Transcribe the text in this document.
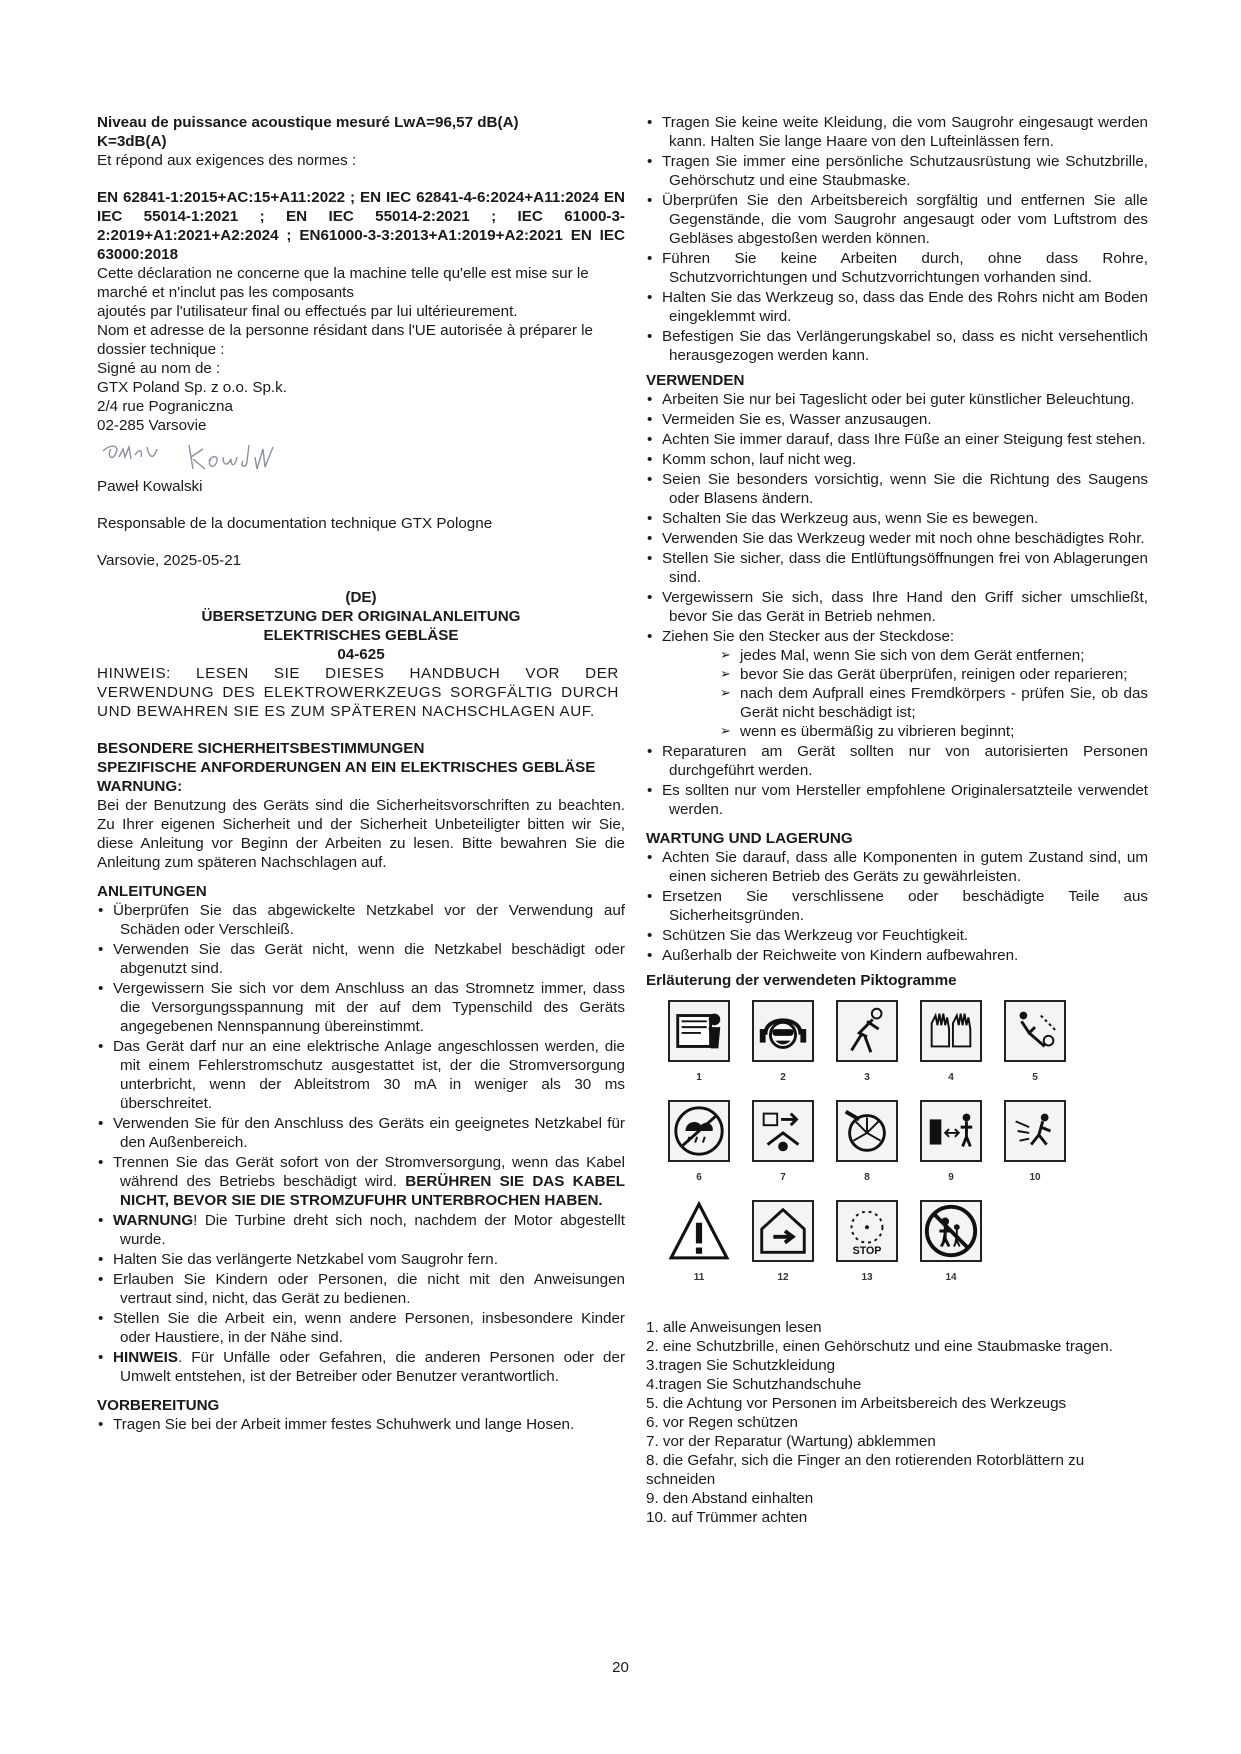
Niveau de puissance acoustique mesuré LwA=96,57 dB(A)

K=3dB(A)

Et répond aux exigences des normes :

EN 62841-1:2015+AC:15+A11:2022 ; EN IEC 62841-4-6:2024+A11:2024 EN IEC 55014-1:2021 ; EN IEC 55014-2:2021 ; IEC 61000-3-2:2019+A1:2021+A2:2024 ; EN61000-3-3:2013+A1:2019+A2:2021 EN IEC 63000:2018

Cette déclaration ne concerne que la machine telle qu'elle est mise sur le marché et n'inclut pas les composants

ajoutés par l'utilisateur final ou effectués par lui ultérieurement.

Nom et adresse de la personne résidant dans l'UE autorisée à préparer le dossier technique :

Signé au nom de :

GTX Poland Sp. z o.o. Sp.k.

2/4 rue Pograniczna

02-285 Varsovie

Paweł Kowalski

Responsable de la documentation technique GTX Pologne

Varsovie, 2025-05-21

(DE)

ÜBERSETZUNG DER ORIGINALANLEITUNG

ELEKTRISCHES GEBLÄSE

04-625

HINWEIS: LESEN SIE DIESES HANDBUCH VOR DER VERWENDUNG DES ELEKTROWERKZEUGS SORGFÄLTIG DURCH UND BEWAHREN SIE ES ZUM SPÄTEREN NACHSCHLAGEN AUF.

BESONDERE SICHERHEITSBESTIMMUNGEN

SPEZIFISCHE ANFORDERUNGEN AN EIN ELEKTRISCHES GEBLÄSE

WARNUNG:

Bei der Benutzung des Geräts sind die Sicherheitsvorschriften zu beachten. Zu Ihrer eigenen Sicherheit und der Sicherheit Unbeteiligter bitten wir Sie, diese Anleitung vor Beginn der Arbeiten zu lesen. Bitte bewahren Sie die Anleitung zum späteren Nachschlagen auf.

ANLEITUNGEN

• Überprüfen Sie das abgewickelte Netzkabel vor der Verwendung auf Schäden oder Verschleiß.
• Verwenden Sie das Gerät nicht, wenn die Netzkabel beschädigt oder abgenutzt sind.
• Vergewissern Sie sich vor dem Anschluss an das Stromnetz immer, dass die Versorgungsspannung mit der auf dem Typenschild des Geräts angegebenen Nennspannung übereinstimmt.
• Das Gerät darf nur an eine elektrische Anlage angeschlossen werden, die mit einem Fehlerstromschutz ausgestattet ist, der die Stromversorgung unterbricht, wenn der Ableitstrom 30 mA in weniger als 30 ms überschreitet.
• Verwenden Sie für den Anschluss des Geräts ein geeignetes Netzkabel für den Außenbereich.
• Trennen Sie das Gerät sofort von der Stromversorgung, wenn das Kabel während des Betriebs beschädigt wird. BERÜHREN SIE DAS KABEL NICHT, BEVOR SIE DIE STROMZUFUHR UNTERBROCHEN HABEN.
• WARNUNG! Die Turbine dreht sich noch, nachdem der Motor abgestellt wurde.
• Halten Sie das verlängerte Netzkabel vom Saugrohr fern.
• Erlauben Sie Kindern oder Personen, die nicht mit den Anweisungen vertraut sind, nicht, das Gerät zu bedienen.
• Stellen Sie die Arbeit ein, wenn andere Personen, insbesondere Kinder oder Haustiere, in der Nähe sind.
• HINWEIS. Für Unfälle oder Gefahren, die anderen Personen oder der Umwelt entstehen, ist der Betreiber oder Benutzer verantwortlich.

VORBEREITUNG

• Tragen Sie bei der Arbeit immer festes Schuhwerk und lange Hosen.
• Tragen Sie keine weite Kleidung, die vom Saugrohr eingesaugt werden kann. Halten Sie lange Haare von den Lufteinlässen fern.
• Tragen Sie immer eine persönliche Schutzausrüstung wie Schutzbrille, Gehörschutz und eine Staubmaske.
• Überprüfen Sie den Arbeitsbereich sorgfältig und entfernen Sie alle Gegenstände, die vom Saugrohr angesaugt oder vom Luftstrom des Gebläses abgestoßen werden können.
• Führen Sie keine Arbeiten durch, ohne dass Rohre, Schutzvorrichtungen und Schutzvorrichtungen vorhanden sind.
• Halten Sie das Werkzeug so, dass das Ende des Rohrs nicht am Boden eingeklemmt wird.
• Befestigen Sie das Verlängerungskabel so, dass es nicht versehentlich herausgezogen werden kann.

VERWENDEN

• Arbeiten Sie nur bei Tageslicht oder bei guter künstlicher Beleuchtung.
• Vermeiden Sie es, Wasser anzusaugen.
• Achten Sie immer darauf, dass Ihre Füße an einer Steigung fest stehen.
• Komm schon, lauf nicht weg.
• Seien Sie besonders vorsichtig, wenn Sie die Richtung des Saugens oder Blasens ändern.
• Schalten Sie das Werkzeug aus, wenn Sie es bewegen.
• Verwenden Sie das Werkzeug weder mit noch ohne beschädigtes Rohr.
• Stellen Sie sicher, dass die Entlüftungsöffnungen frei von Ablagerungen sind.
• Vergewissern Sie sich, dass Ihre Hand den Griff sicher umschließt, bevor Sie das Gerät in Betrieb nehmen.
• Ziehen Sie den Stecker aus der Steckdose:
➢ jedes Mal, wenn Sie sich von dem Gerät entfernen;
➢ bevor Sie das Gerät überprüfen, reinigen oder reparieren;
➢ nach dem Aufprall eines Fremdkörpers - prüfen Sie, ob das Gerät nicht beschädigt ist;
➢ wenn es übermäßig zu vibrieren beginnt;
• Reparaturen am Gerät sollten nur von autorisierten Personen durchgeführt werden.
• Es sollten nur vom Hersteller empfohlene Originalersatzteile verwendet werden.

WARTUNG UND LAGERUNG

• Achten Sie darauf, dass alle Komponenten in gutem Zustand sind, um einen sicheren Betrieb des Geräts zu gewährleisten.
• Ersetzen Sie verschlissene oder beschädigte Teile aus Sicherheitsgründen.
• Schützen Sie das Werkzeug vor Feuchtigkeit.
• Außerhalb der Reichweite von Kindern aufbewahren.

Erläuterung der verwendeten Piktogramme

1	2	3	4	5
6	7	8	9	10
STOP
11	12	13	14

1. alle Anweisungen lesen

2. eine Schutzbrille, einen Gehörschutz und eine Staubmaske tragen.

3.tragen Sie Schutzkleidung

4.tragen Sie Schutzhandschuhe

5. die Achtung vor Personen im Arbeitsbereich des Werkzeugs

6. vor Regen schützen

7. vor der Reparatur (Wartung) abklemmen

8. die Gefahr, sich die Finger an den rotierenden Rotorblättern zu schneiden

9. den Abstand einhalten

10. auf Trümmer achten

20
